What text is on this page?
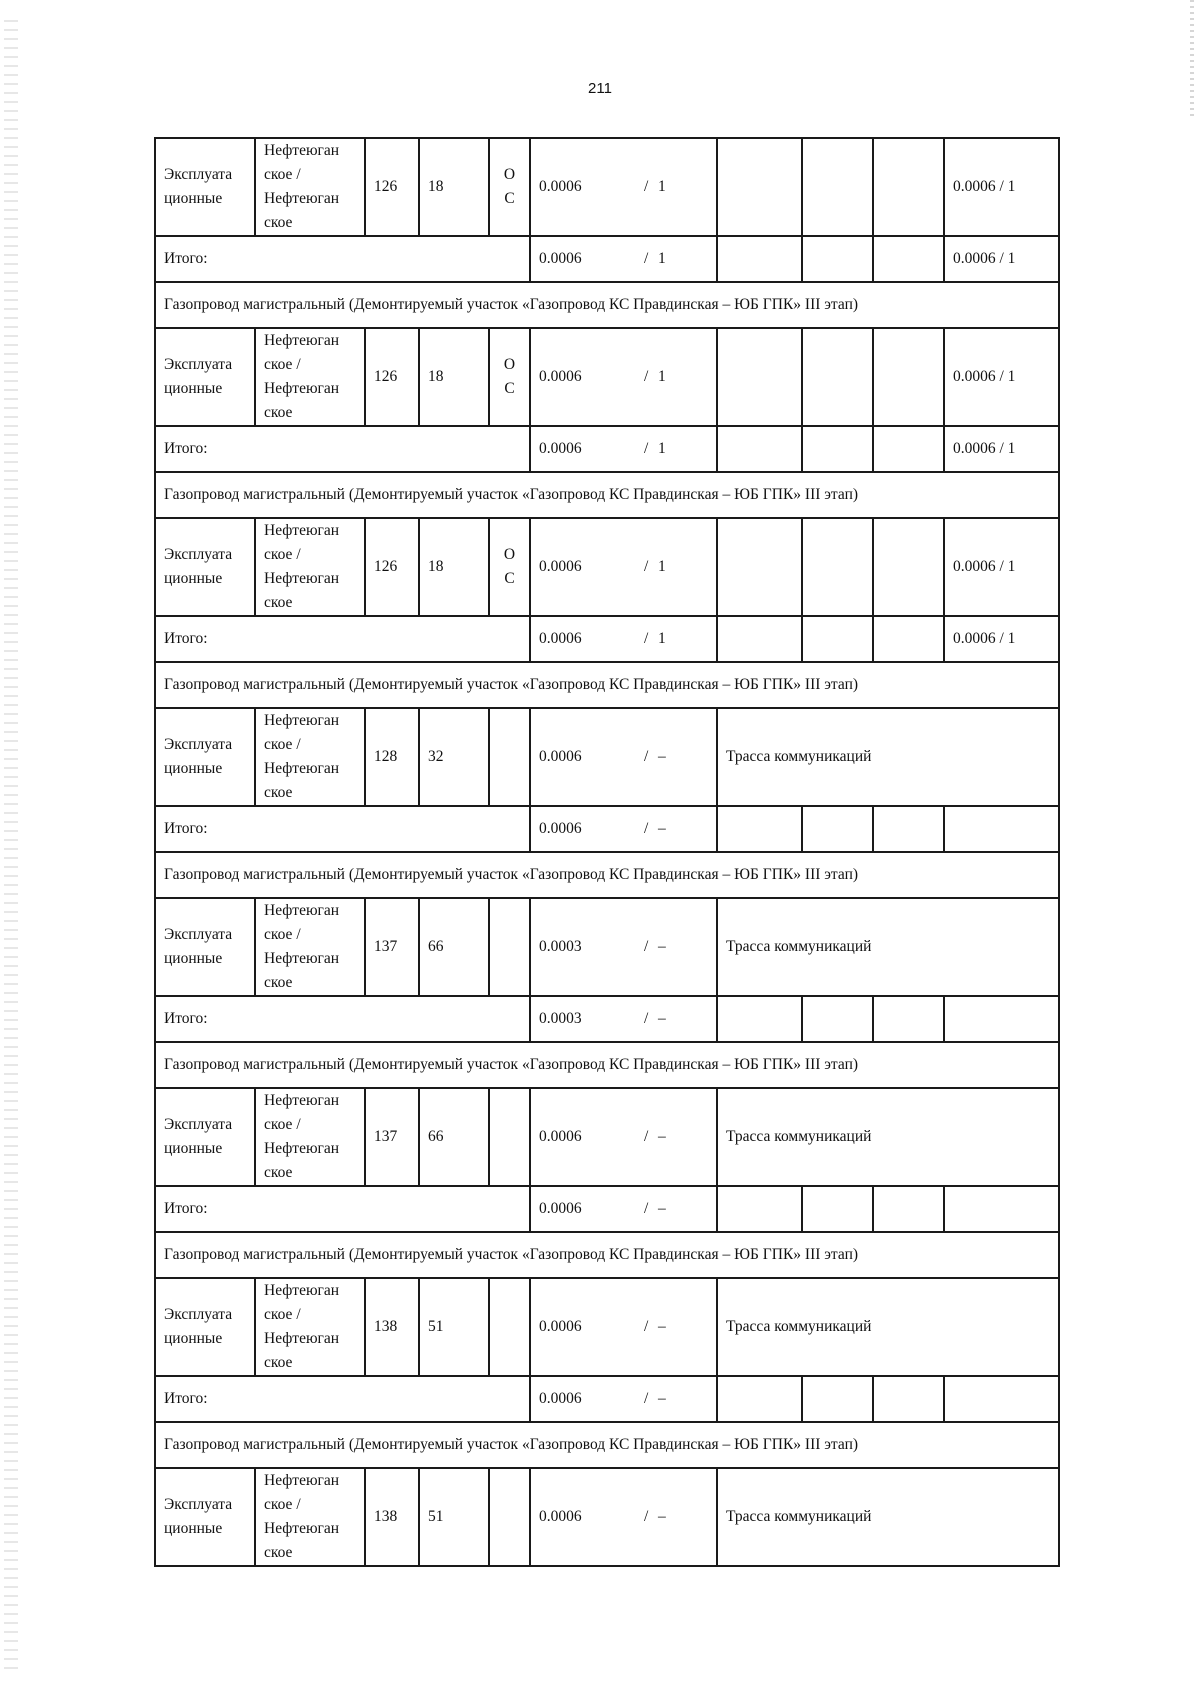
211
Эксплуата ционные	Нефтеюган ское / Нефтеюган ское	126	18	О С	0.0006 / 1				0.0006 / 1
Итого:					0.0006 / 1				0.0006 / 1
Газопровод магистральный (Демонтируемый участок «Газопровод КС Правдинская – ЮБ ГПК» III этап)									
Эксплуата ционные	Нефтеюган ское / Нефтеюган ское	126	18	О С	0.0006 / 1				0.0006 / 1
Итого:					0.0006 / 1				0.0006 / 1
Газопровод магистральный (Демонтируемый участок «Газопровод КС Правдинская – ЮБ ГПК» III этап)									
Эксплуата ционные	Нефтеюган ское / Нефтеюган ское	126	18	О С	0.0006 / 1				0.0006 / 1
Итого:					0.0006 / 1				0.0006 / 1
Газопровод магистральный (Демонтируемый участок «Газопровод КС Правдинская – ЮБ ГПК» III этап)									
Эксплуата ционные	Нефтеюган ское / Нефтеюган ское	128	32		0.0006 / –	Трасса коммуникаций			
Итого:					0.0006 / –				
Газопровод магистральный (Демонтируемый участок «Газопровод КС Правдинская – ЮБ ГПК» III этап)									
Эксплуата ционные	Нефтеюган ское / Нефтеюган ское	137	66		0.0003 / –	Трасса коммуникаций			
Итого:					0.0003 / –				
Газопровод магистральный (Демонтируемый участок «Газопровод КС Правдинская – ЮБ ГПК» III этап)									
Эксплуата ционные	Нефтеюган ское / Нефтеюган ское	137	66		0.0006 / –	Трасса коммуникаций			
Итого:					0.0006 / –				
Газопровод магистральный (Демонтируемый участок «Газопровод КС Правдинская – ЮБ ГПК» III этап)									
Эксплуата ционные	Нефтеюган ское / Нефтеюган ское	138	51		0.0006 / –	Трасса коммуникаций			
Итого:					0.0006 / –				
Газопровод магистральный (Демонтируемый участок «Газопровод КС Правдинская – ЮБ ГПК» III этап)									
Эксплуата ционные	Нефтеюган ское / Нефтеюган ское	138	51		0.0006 / –	Трасса коммуникаций			
